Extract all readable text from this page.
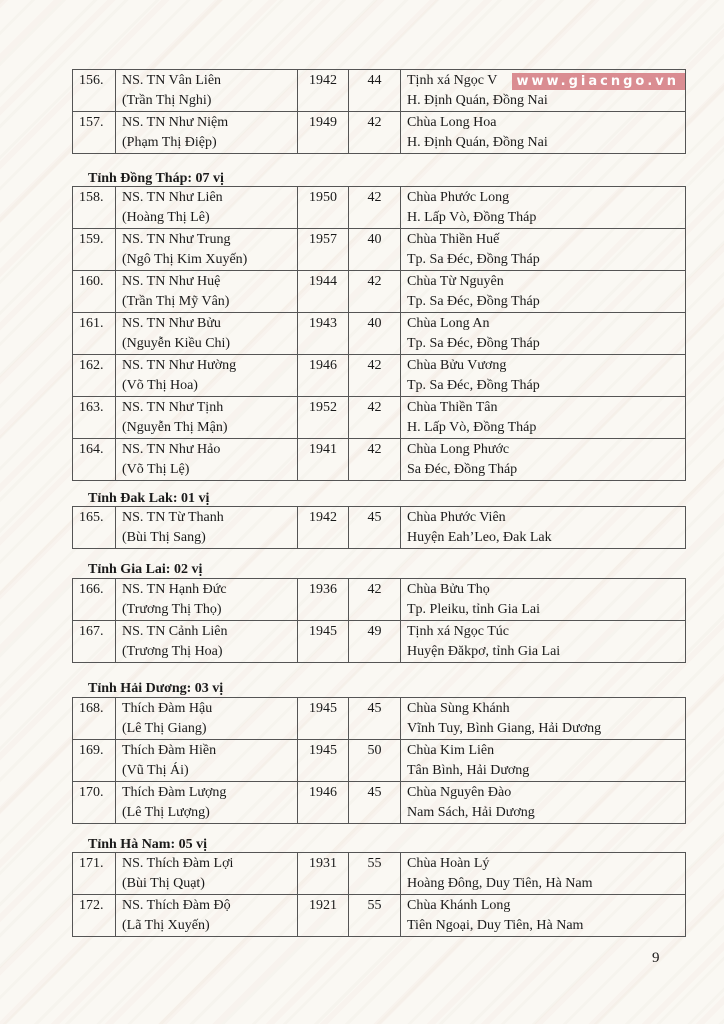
156.	NS. TN Vân Liên
(Trần Thị Nghi)	1942	44	Tịnh xá Ngọc V
H. Định Quán, Đồng Nai

157.	NS. TN Như Niệm
(Phạm Thị Điệp)	1949	42	Chùa Long Hoa
H. Định Quán, Đồng Nai
www.giacngo.vn
Tỉnh Đồng Tháp: 07 vị
158.	NS. TN Như Liên
(Hoàng Thị Lê)	1950	42	Chùa Phước Long
H. Lấp Vò, Đồng Tháp

159.	NS. TN Như Trung
(Ngô Thị Kim Xuyến)	1957	40	Chùa Thiền Huế
Tp. Sa Đéc, Đồng Tháp

160.	NS. TN Như Huệ
(Trần Thị Mỹ Vân)	1944	42	Chùa Từ Nguyên
Tp. Sa Đéc, Đồng Tháp

161.	NS. TN Như Bửu
(Nguyễn Kiều Chi)	1943	40	Chùa Long An
Tp. Sa Đéc, Đồng Tháp

162.	NS. TN Như Hường
(Võ Thị Hoa)	1946	42	Chùa Bửu Vương
Tp. Sa Đéc, Đồng Tháp

163.	NS. TN Như Tịnh
(Nguyễn Thị Mận)	1952	42	Chùa Thiền Tân
H. Lấp Vò, Đồng Tháp

164.	NS. TN Như Hảo
(Võ Thị Lệ)	1941	42	Chùa Long Phước
Sa Đéc, Đồng Tháp
Tỉnh Đak Lak: 01 vị
165.	NS. TN Từ Thanh
(Bùi Thị Sang)
	1942	45	Chùa Phước Viên
Huyện Eah’Leo, Đak Lak
Tỉnh Gia Lai: 02 vị
166.	NS. TN Hạnh Đức
(Trương Thị Thọ)	1936	42	Chùa Bửu Thọ
Tp. Pleiku, tỉnh Gia Lai

167.	NS. TN Cảnh Liên
(Trương Thị Hoa)	1945	49	Tịnh xá Ngọc Túc
Huyện Đăkpơ, tỉnh Gia Lai
Tỉnh Hải Dương: 03 vị
168.	Thích Đàm Hậu
(Lê Thị Giang)	1945	45	Chùa Sùng Khánh
Vĩnh Tuy, Bình Giang, Hải Dương

169.	Thích Đàm Hiền
(Vũ Thị Ái)	1945	50	Chùa Kim Liên
Tân Bình, Hải Dương

170.	Thích Đàm Lượng
(Lê Thị Lượng)	1946	45	Chùa Nguyên Đào
Nam Sách, Hải Dương
Tỉnh Hà Nam: 05 vị
171.	NS. Thích Đàm Lợi
(Bùi Thị Quạt)	1931	55	Chùa Hoàn Lý
Hoàng Đông, Duy Tiên, Hà Nam

172.	NS. Thích Đàm Độ
(Lã Thị Xuyến)	1921	55	Chùa Khánh Long
Tiên Ngoại, Duy Tiên, Hà Nam
9
